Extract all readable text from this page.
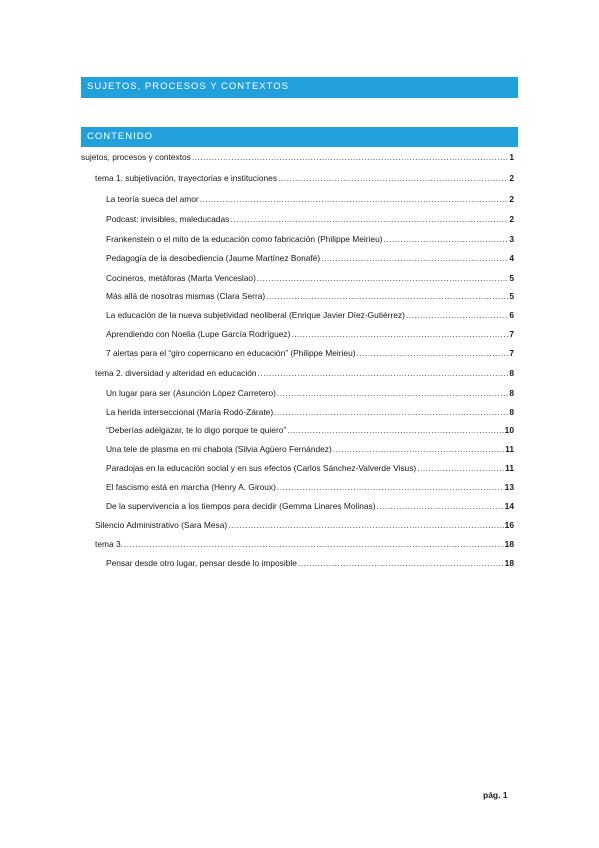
SUJETOS, PROCESOS Y CONTEXTOS
CONTENIDO
sujetos, procesos y contextos .....	1
tema 1. subjetivación, trayectorias e instituciones .....	2
La teoría sueca del amor .....	2
Podcast: invisibles, maleducadas .....	2
Frankenstein o el mito de la educación como fabricación (Philippe Meirieu) .....	3
Pedagogía de la desobediencia (Jaume Martínez Bonafé) .....	4
Cocineros, metáforas (Marta Venceslao) .....	5
Más allá de nosotras mismas (Clara Serra) .....	5
La educación de la nueva subjetividad neoliberal (Enrique Javier Díez-Gutiérrez) .....	6
Aprendiendo con Noelia (Lupe García Rodríguez) .....	7
7 alertas para el “giro copernicano en educación” (Philippe Meirieu) .....	7
tema 2. diversidad y alteridad en educación .....	8
Un lugar para ser (Asunción López Carretero) .....	8
La herida interseccional (María Rodó-Zárate) .....	8
“Deberías adelgazar, te lo digo porque te quiero” .....	10
Una tele de plasma en mi chabola (Silvia Agüero Fernández) .....	11
Paradojas en la educación social y en sus efectos (Carlos Sánchez-Valverde Visus) .....	11
El fascismo está en marcha (Henry A. Giroux) .....	13
De la supervivencia a los tiempos para decidir (Gemma Linares Molinas) .....	14
Silencio Administrativo (Sara Mesa) .....	16
tema 3. .....	18
Pensar desde otro lugar, pensar desde lo imposible .....	18
pág. 1
